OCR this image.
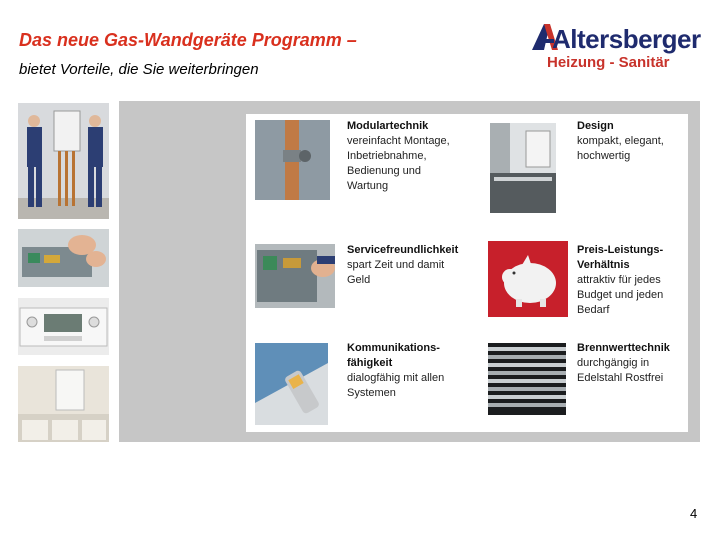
Das neue Gas-Wandgeräte Programm –
bietet Vorteile, die Sie weiterbringen
Altersberger
Heizung - Sanitär
Modulartechnik
vereinfacht Montage, Inbetriebnahme, Bedienung und Wartung
Design
kompakt, elegant, hochwertig
Servicefreundlichkeit
spart Zeit und damit Geld
Preis-Leistungs-Verhältnis
attraktiv für jedes Budget und jeden Bedarf
Kommunikations-fähigkeit
dialogfähig mit allen Systemen
Brennwerttechnik
durchgängig in Edelstahl Rostfrei
4
